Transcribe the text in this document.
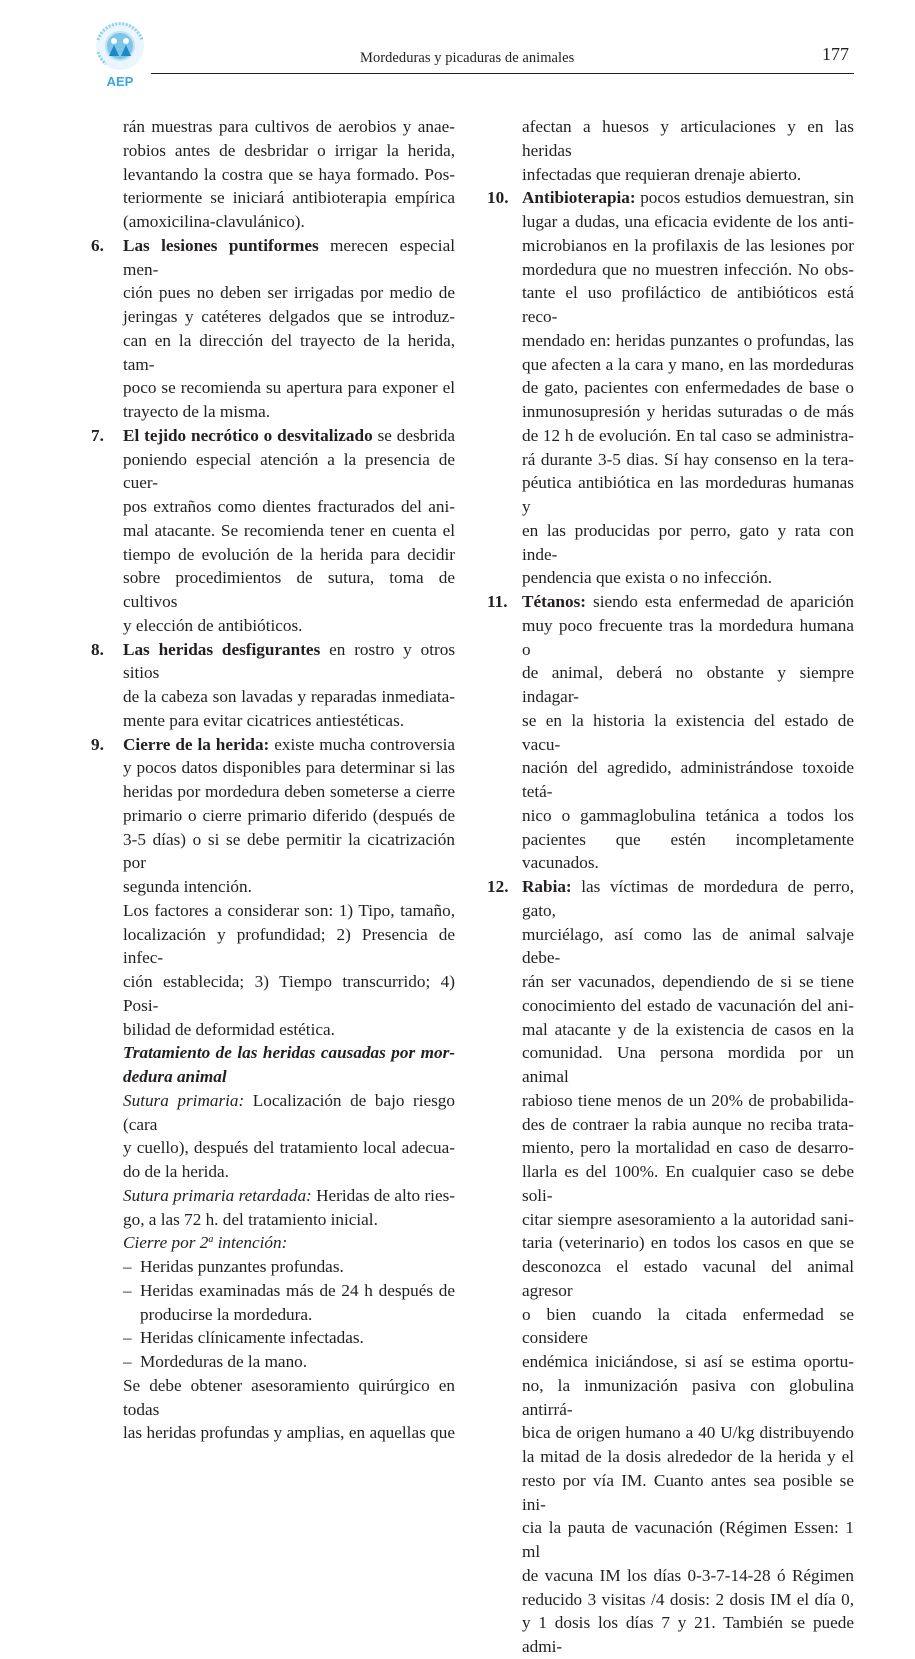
AEP
Mordeduras y picaduras de animales	177
rán muestras para cultivos de aerobios y anae-
robios antes de desbridar o irrigar la herida,
levantando la costra que se haya formado. Pos-
teriormente se iniciará antibioterapia empírica
(amoxicilina-clavulánico).
6. Las lesiones puntiformes merecen especial men-
ción pues no deben ser irrigadas por medio de
jeringas y catéteres delgados que se introduz-
can en la dirección del trayecto de la herida, tam-
poco se recomienda su apertura para exponer el
trayecto de la misma.
7. El tejido necrótico o desvitalizado se desbrida
poniendo especial atención a la presencia de cuer-
pos extraños como dientes fracturados del ani-
mal atacante. Se recomienda tener en cuenta el
tiempo de evolución de la herida para decidir
sobre procedimientos de sutura, toma de cultivos
y elección de antibióticos.
8. Las heridas desfigurantes en rostro y otros sitios
de la cabeza son lavadas y reparadas inmediata-
mente para evitar cicatrices antiestéticas.
9. Cierre de la herida: existe mucha controversia
y pocos datos disponibles para determinar si las
heridas por mordedura deben someterse a cierre
primario o cierre primario diferido (después de
3-5 días) o si se debe permitir la cicatrización por
segunda intención.
Los factores a considerar son: 1) Tipo, tamaño,
localización y profundidad; 2) Presencia de infec-
ción establecida; 3) Tiempo transcurrido; 4) Posi-
bilidad de deformidad estética.
Tratamiento de las heridas causadas por mor-
dedura animal
Sutura primaria: Localización de bajo riesgo (cara
y cuello), después del tratamiento local adecua-
do de la herida.
Sutura primaria retardada: Heridas de alto ries-
go, a las 72 h. del tratamiento inicial.
Cierre por 2$^a$ intención:
– Heridas punzantes profundas.
– Heridas examinadas más de 24 h después de
producirse la mordedura.
– Heridas clínicamente infectadas.
– Mordeduras de la mano.
Se debe obtener asesoramiento quirúrgico en todas
las heridas profundas y amplias, en aquellas que
afectan a huesos y articulaciones y en las heridas
infectadas que requieran drenaje abierto.
10. Antibioterapia: pocos estudios demuestran, sin
lugar a dudas, una eficacia evidente de los anti-
microbianos en la profilaxis de las lesiones por
mordedura que no muestren infección. No obs-
tante el uso profiláctico de antibióticos está reco-
mendado en: heridas punzantes o profundas, las
que afecten a la cara y mano, en las mordeduras
de gato, pacientes con enfermedades de base o
inmunosupresión y heridas suturadas o de más
de 12 h de evolución. En tal caso se administra-
rá durante 3-5 dias. Sí hay consenso en la tera-
péutica antibiótica en las mordeduras humanas y
en las producidas por perro, gato y rata con inde-
pendencia que exista o no infección.
11. Tétanos: siendo esta enfermedad de aparición
muy poco frecuente tras la mordedura humana o
de animal, deberá no obstante y siempre indagar-
se en la historia la existencia del estado de vacu-
nación del agredido, administrándose toxoide tetá-
nico o gammaglobulina tetánica a todos los
pacientes que estén incompletamente vacunados.
12. Rabia: las víctimas de mordedura de perro, gato,
murciélago, así como las de animal salvaje debe-
rán ser vacunados, dependiendo de si se tiene
conocimiento del estado de vacunación del ani-
mal atacante y de la existencia de casos en la
comunidad. Una persona mordida por un animal
rabioso tiene menos de un 20% de probabilida-
des de contraer la rabia aunque no reciba trata-
miento, pero la mortalidad en caso de desarro-
llarla es del 100%. En cualquier caso se debe soli-
citar siempre asesoramiento a la autoridad sani-
taria (veterinario) en todos los casos en que se
desconozca el estado vacunal del animal agresor
o bien cuando la citada enfermedad se considere
endémica iniciándose, si así se estima oportu-
no, la inmunización pasiva con globulina antirrá-
bica de origen humano a 40 U/kg distribuyendo
la mitad de la dosis alrededor de la herida y el
resto por vía IM. Cuanto antes sea posible se ini-
cia la pauta de vacunación (Régimen Essen: 1 ml
de vacuna IM los días 0-3-7-14-28 ó Régimen
reducido 3 visitas /4 dosis: 2 dosis IM el día 0,
y 1 dosis los días 7 y 21. También se puede admi-
